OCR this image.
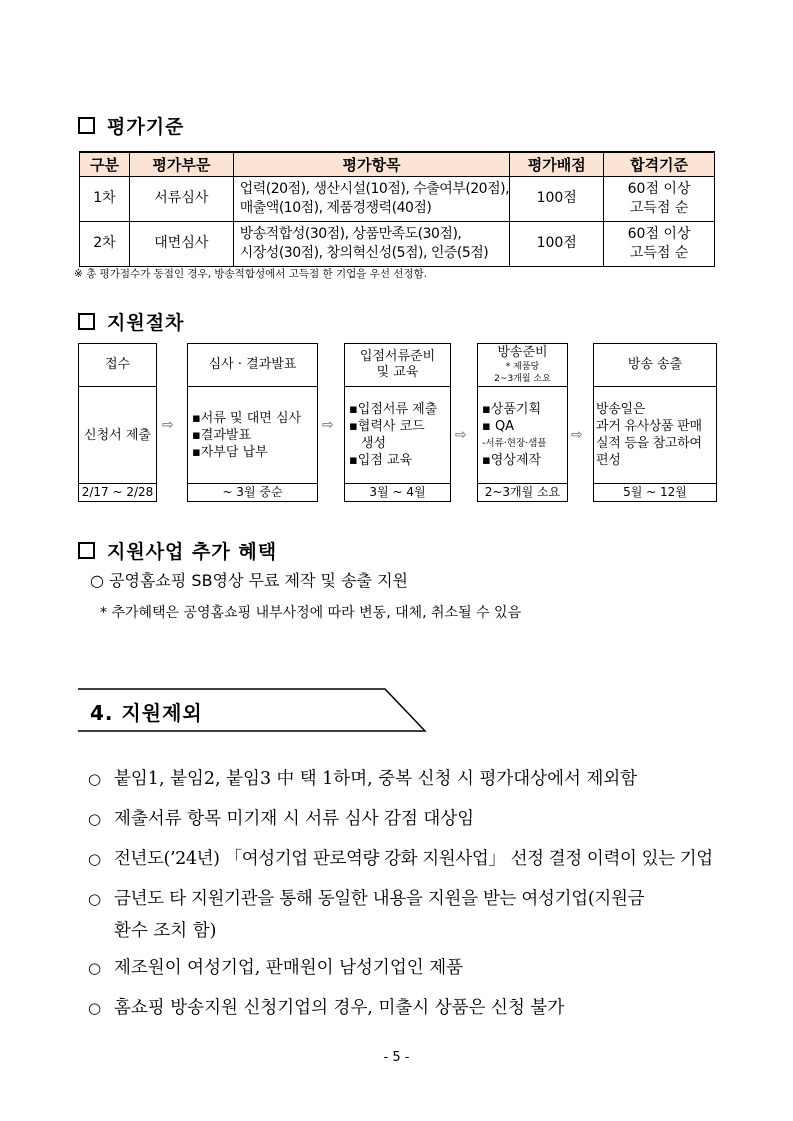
평가기준
구분	평가부문	평가항목	평가배점	합격기준
1차	서류심사	업력(20점), 생산시설(10점), 수출여부(20점),
매출액(10점), 제품경쟁력(40점)	100점	60점 이상
고득점 순
2차	대면심사	방송적합성(30점), 상품만족도(30점),
시장성(30점), 창의혁신성(5점), 인증(5점)	100점	60점 이상
고득점 순
※ 총 평가점수가 동점인 경우, 방송적합성에서 고득점 한 기업을 우선 선정함.
지원절차
접수
신청서 제출
2/17 ~ 2/28
⇨
심사 · 결과발표
▪서류 및 대면 심사
▪결과발표
▪자부담 납부
~ 3월 중순
⇨
입점서류준비
및 교육
▪입점서류 제출
▪협력사 코드
생성
▪입점 교육
3월 ~ 4월
⇨
방송준비
* 제품당
2~3개월 소요
▪상품기획
▪ QA
-서류·현장·샘플
▪영상제작
2~3개월 소요
⇨
방송 송출
방송일은
과거 유사상품 판매
실적 등을 참고하여
편성
5월 ~ 12월
지원사업 추가 혜택
○ 공영홈쇼핑 SB영상 무료 제작 및 송출 지원
* 추가혜택은 공영홈쇼핑 내부사정에 따라 변동, 대체, 취소될 수 있음
4. 지원제외
○ 붙임1, 붙임2, 붙임3 中 택 1하며, 중복 신청 시 평가대상에서 제외함
○ 제출서류 항목 미기재 시 서류 심사 감점 대상임
○ 전년도(’24년) 「여성기업 판로역량 강화 지원사업」 선정 결정 이력이 있는 기업
○ 금년도 타 지원기관을 통해 동일한 내용을 지원을 받는 여성기업(지원금
환수 조치 함)
○ 제조원이 여성기업, 판매원이 남성기업인 제품
○ 홈쇼핑 방송지원 신청기업의 경우, 미출시 상품은 신청 불가
- 5 -
